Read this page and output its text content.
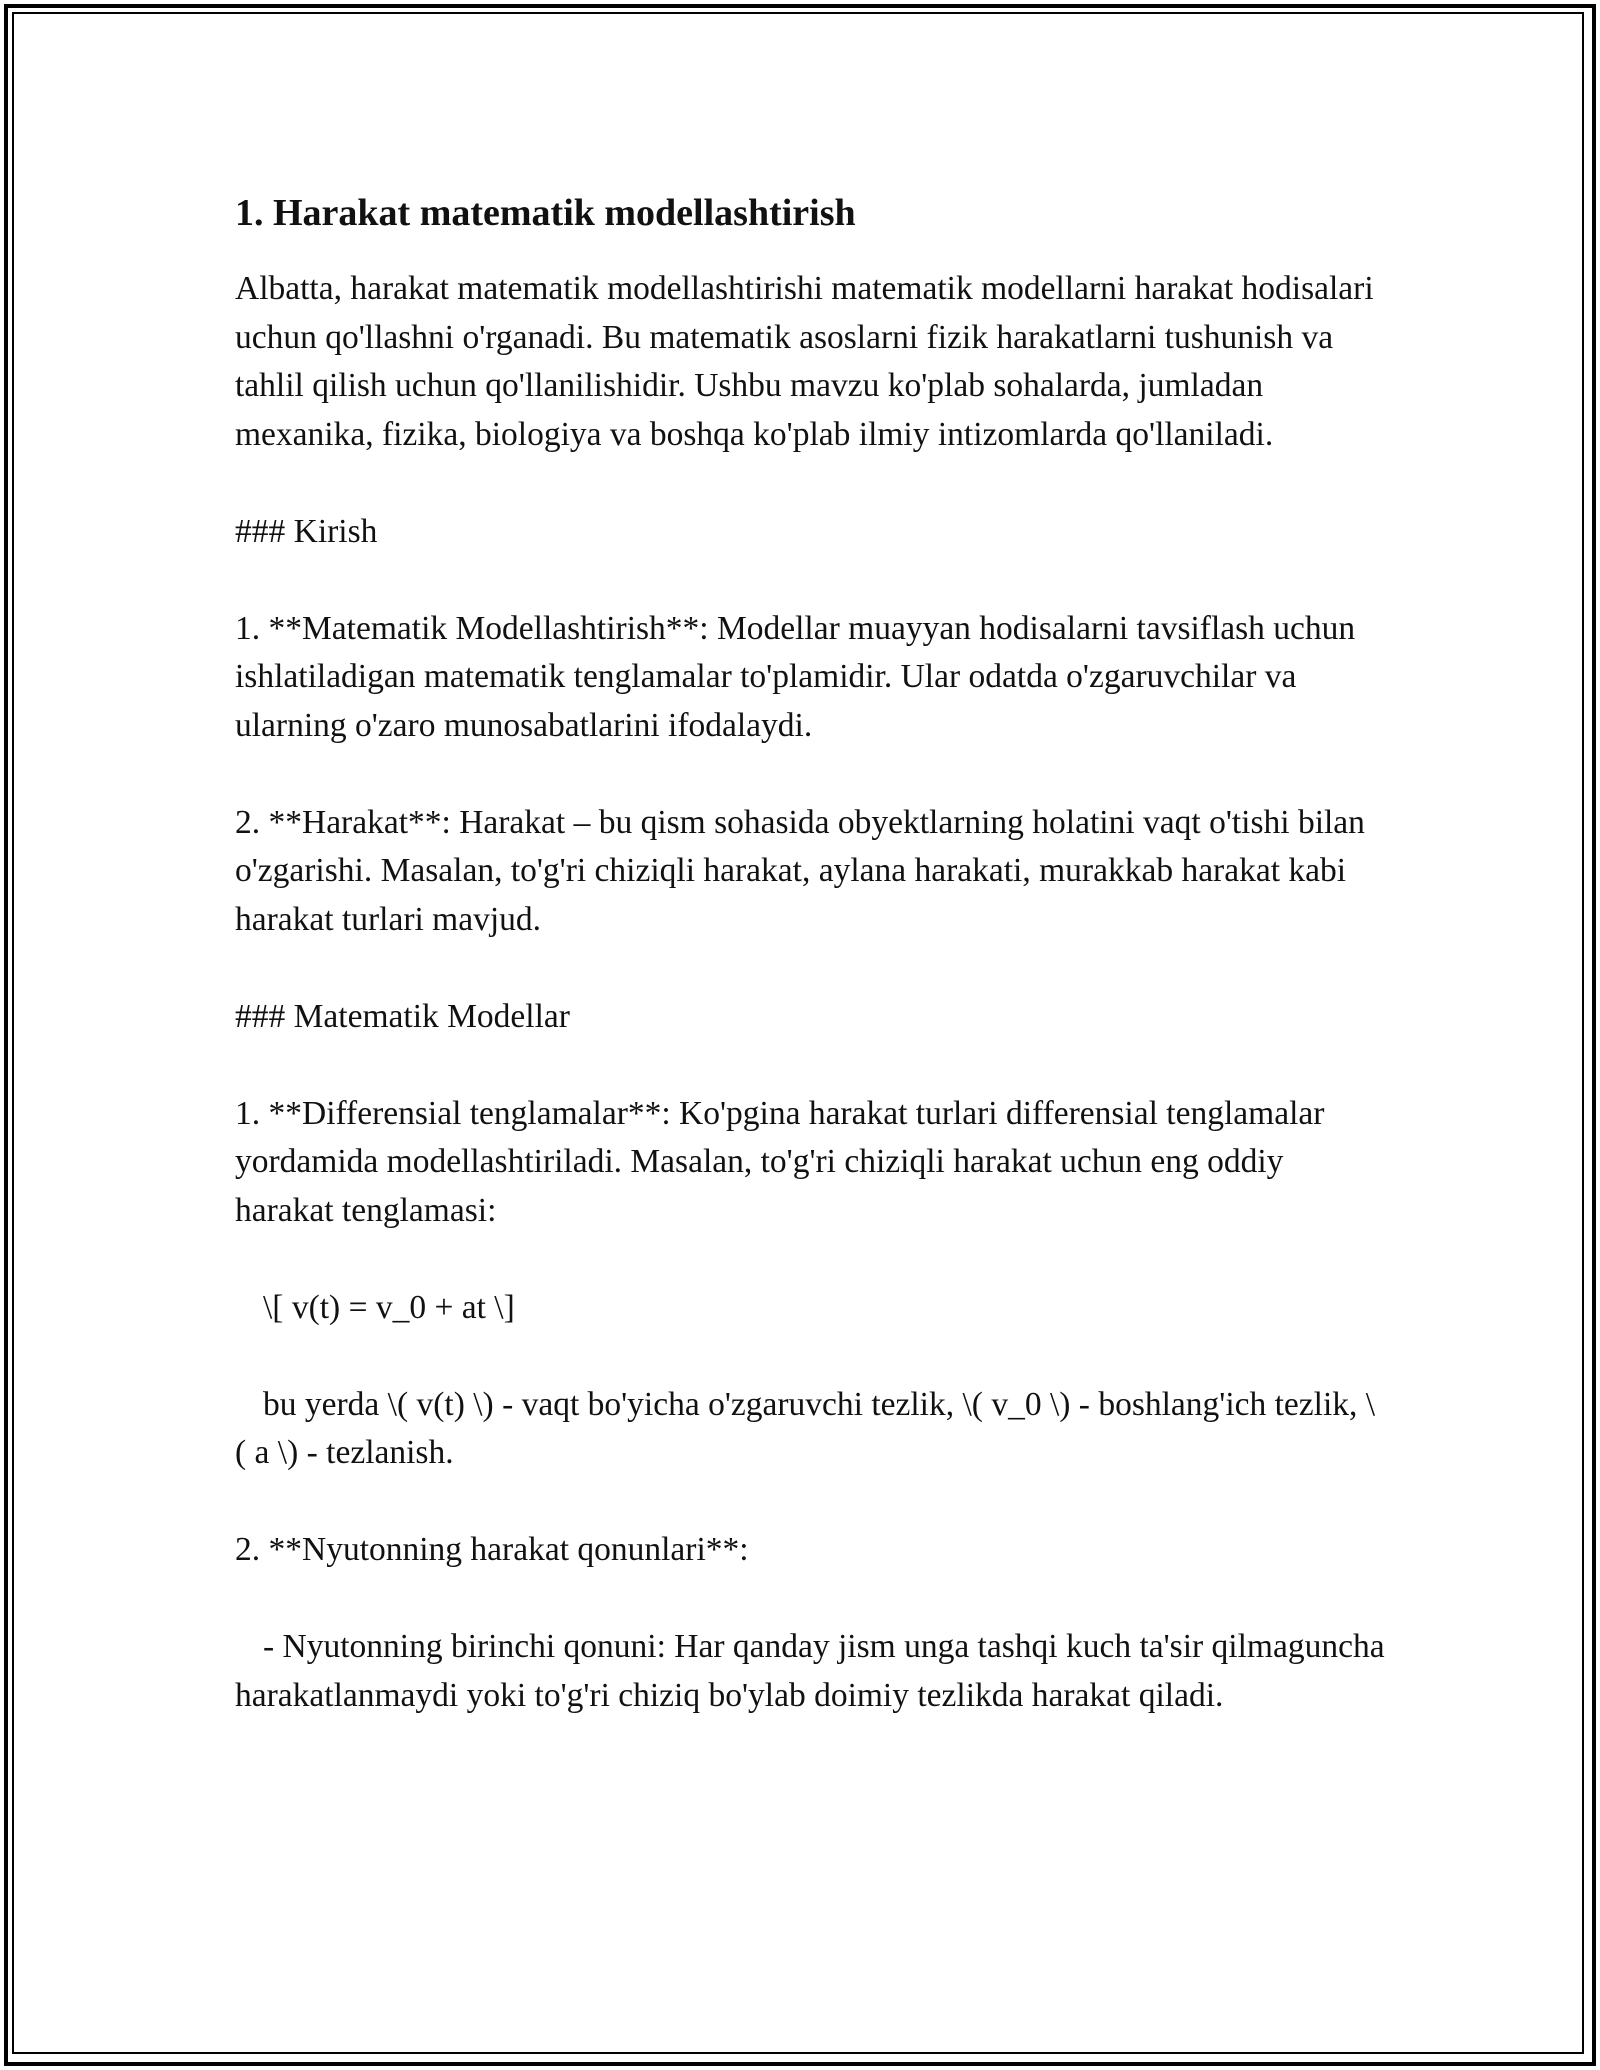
1. Harakat matematik modellashtirish

Albatta, harakat matematik modellashtirishi matematik modellarni harakat hodisalari uchun qo'llashni o'rganadi. Bu matematik asoslarni fizik harakatlarni tushunish va tahlil qilish uchun qo'llanilishidir. Ushbu mavzu ko'plab sohalarda, jumladan mexanika, fizika, biologiya va boshqa ko'plab ilmiy intizomlarda qo'llaniladi.

### Kirish

1. **Matematik Modellashtirish**: Modellar muayyan hodisalarni tavsiflash uchun ishlatiladigan matematik tenglamalar to'plamidir. Ular odatda o'zgaruvchilar va ularning o'zaro munosabatlarini ifodalaydi.

2. **Harakat**: Harakat – bu qism sohasida obyektlarning holatini vaqt o'tishi bilan o'zgarishi. Masalan, to'g'ri chiziqli harakat, aylana harakati, murakkab harakat kabi harakat turlari mavjud.

### Matematik Modellar

1. **Differensial tenglamalar**: Ko'pgina harakat turlari differensial tenglamalar yordamida modellashtiriladi. Masalan, to'g'ri chiziqli harakat uchun eng oddiy harakat tenglamasi:

\[ v(t) = v_0 + at \]

bu yerda \( v(t) \) - vaqt bo'yicha o'zgaruvchi tezlik, \( v_0 \) - boshlang'ich tezlik, \( a \) - tezlanish.

2. **Nyutonning harakat qonunlari**:

- Nyutonning birinchi qonuni: Har qanday jism unga tashqi kuch ta'sir qilmaguncha harakatlanmaydi yoki to'g'ri chiziq bo'ylab doimiy tezlikda harakat qiladi.
